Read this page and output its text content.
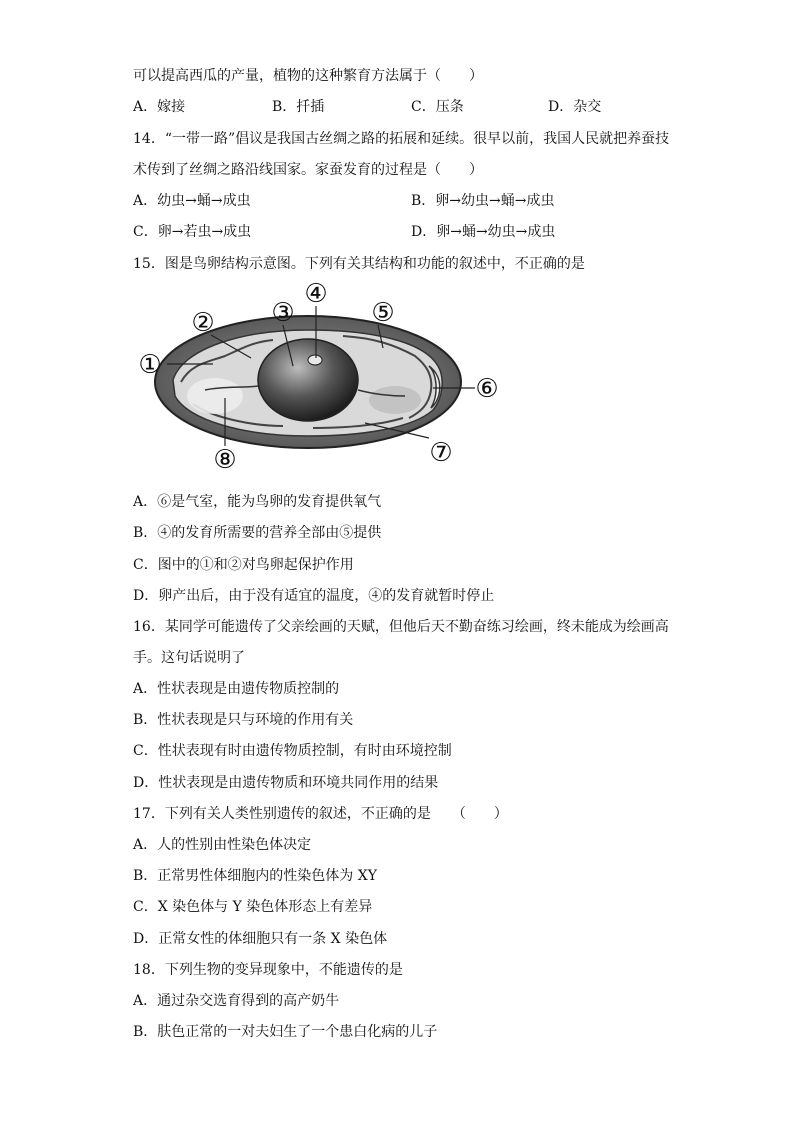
可以提高西瓜的产量，植物的这种繁育方法属于（　　）
A．嫁接	B．扦插	C．压条	D．杂交
14．“一带一路”倡议是我国古丝绸之路的拓展和延续。很早以前，我国人民就把养蚕技
术传到了丝绸之路沿线国家。家蚕发育的过程是（　　）
A．幼虫→蛹→成虫	B．卵→幼虫→蛹→成虫
C．卵→若虫→成虫	D．卵→蛹→幼虫→成虫
15．图是鸟卵结构示意图。下列有关其结构和功能的叙述中，不正确的是
①
② ③
④
⑤
⑥
⑦
⑧
A．⑥是气室，能为鸟卵的发育提供氧气
B．④的发育所需要的营养全部由⑤提供
C．图中的①和②对鸟卵起保护作用
D．卵产出后，由于没有适宜的温度，④的发育就暂时停止
16．某同学可能遗传了父亲绘画的天赋，但他后天不勤奋练习绘画，终未能成为绘画高
手。这句话说明了
A．性状表现是由遗传物质控制的
B．性状表现是只与环境的作用有关
C．性状表现有时由遗传物质控制，有时由环境控制
D．性状表现是由遗传物质和环境共同作用的结果
17．下列有关人类性别遗传的叙述，不正确的是　　（　　）
A．人的性别由性染色体决定
B．正常男性体细胞内的性染色体为 XY
C．X 染色体与 Y 染色体形态上有差异
D．正常女性的体细胞只有一条 X 染色体
18．下列生物的变异现象中，不能遗传的是
A．通过杂交选育得到的高产奶牛
B．肤色正常的一对夫妇生了一个患白化病的儿子
